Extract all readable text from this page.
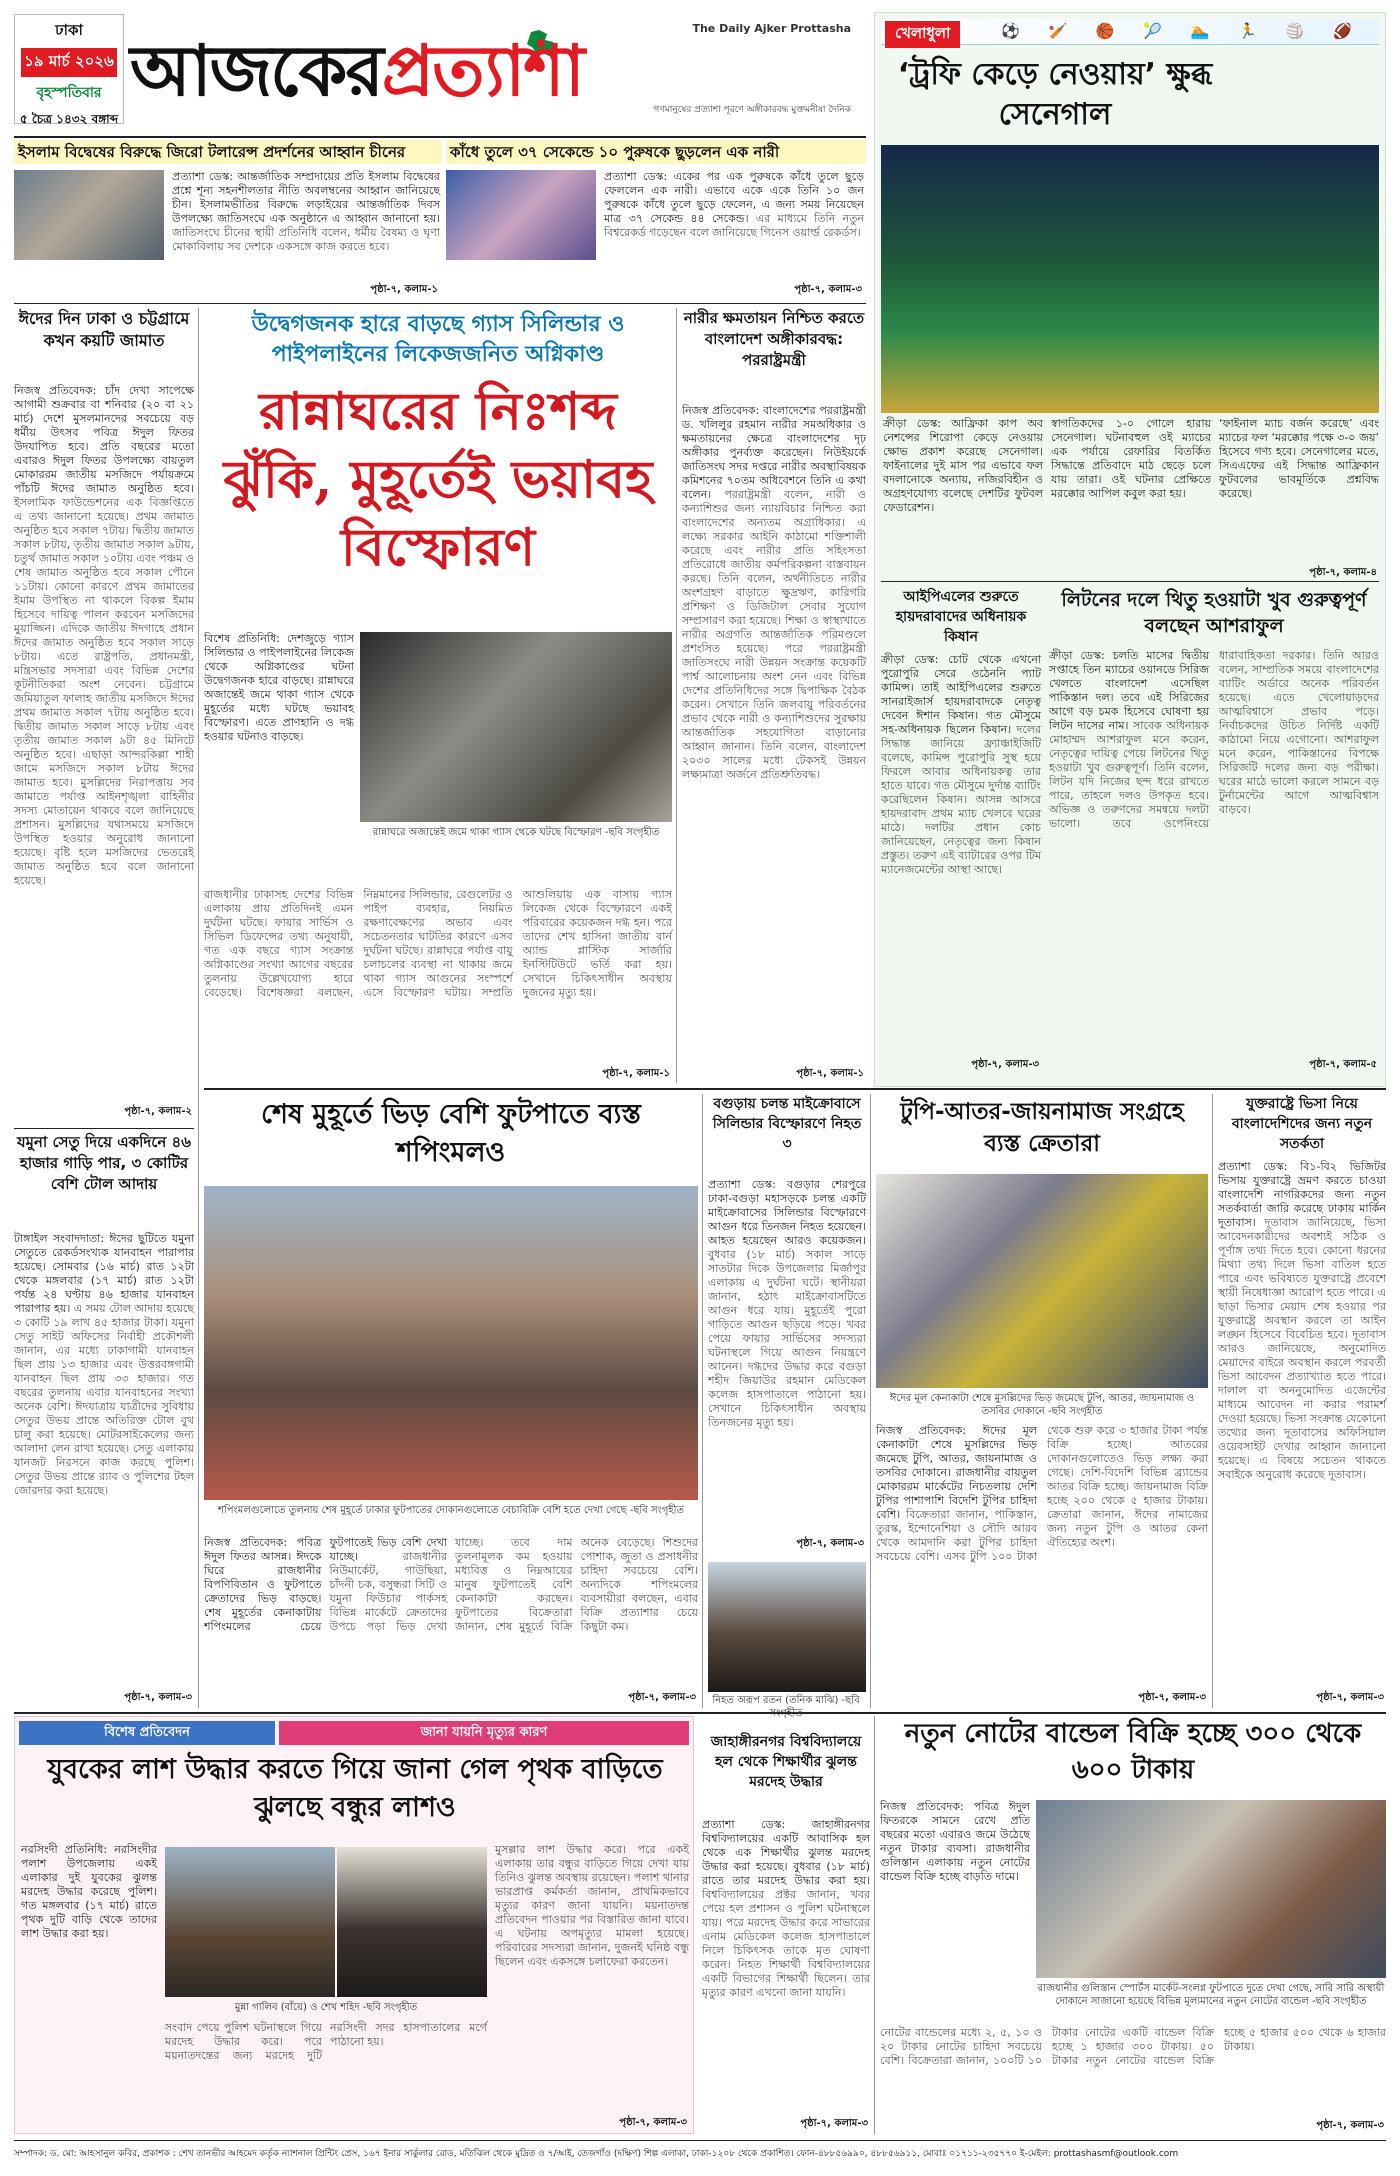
ঢাকা
১৯ মার্চ ২০২৬
বৃহস্পতিবার
৫ চৈত্র ১৪৩২ বঙ্গাব্দ
The Daily Ajker Prottasha
আজকেরপ্রত্যাশা	গণমানুষের প্রত্যাশা পূরণে অঙ্গীকারবদ্ধ মুক্তমনীষা দৈনিক
ইসলাম বিদ্বেষের বিরুদ্ধে জিরো টলারেন্স প্রদর্শনের আহ্বান চীনের
প্রত্যাশা ডেস্ক: আন্তর্জাতিক সম্প্রদায়ের প্রতি ইসলাম বিদ্বেষের প্রশ্নে শূন্য সহনশীলতার নীতি অবলম্বনের আহ্বান জানিয়েছে চীন। ইসলামভীতির বিরুদ্ধে লড়াইয়ের আন্তর্জাতিক দিবস উপলক্ষ্যে জাতিসংঘে এক অনুষ্ঠানে এ আহ্বান জানানো হয়। জাতিসংঘে চীনের স্থায়ী প্রতিনিধি বলেন, ধর্মীয় বৈষম্য ও ঘৃণা মোকাবিলায় সব দেশকে একসঙ্গে কাজ করতে হবে।
পৃষ্ঠা-৭, কলাম-১
কাঁধে তুলে ৩৭ সেকেন্ডে ১০ পুরুষকে ছুড়লেন এক নারী
প্রত্যাশা ডেস্ক: একের পর এক পুরুষকে কাঁধে তুলে ছুড়ে ফেললেন এক নারী। এভাবে একে একে তিনি ১০ জন পুরুষকে কাঁধে তুলে ছুড়ে ফেলেন, এ জন্য সময় নিয়েছেন মাত্র ৩৭ সেকেন্ড ৪৪ সেকেন্ড। এর মাধ্যমে তিনি নতুন বিশ্বরেকর্ড গড়েছেন বলে জানিয়েছে গিনেস ওয়ার্ল্ড রেকর্ডস।
পৃষ্ঠা-৭, কলাম-৩
ঈদের দিন ঢাকা ও চট্টগ্রামে কখন কয়টি জামাত
নিজস্ব প্রতিবেদক: চাঁদ দেখা সাপেক্ষে আগামী শুক্রবার বা শনিবার (২০ বা ২১ মার্চ) দেশে মুসলমানদের সবচেয়ে বড় ধর্মীয় উৎসব পবিত্র ঈদুল ফিতর উদযাপিত হবে। প্রতি বছরের মতো এবারও ঈদুল ফিতর উপলক্ষ্যে বায়তুল মোকাররম জাতীয় মসজিদে পর্যায়ক্রমে পাঁচটি ঈদের জামাত অনুষ্ঠিত হবে। ইসলামিক ফাউন্ডেশনের এক বিজ্ঞপ্তিতে এ তথ্য জানানো হয়েছে। প্রথম জামাত অনুষ্ঠিত হবে সকাল ৭টায়। দ্বিতীয় জামাত সকাল ৮টায়, তৃতীয় জামাত সকাল ৯টায়, চতুর্থ জামাত সকাল ১০টায় এবং পঞ্চম ও শেষ জামাত অনুষ্ঠিত হবে সকাল পৌনে ১১টায়। কোনো কারণে প্রথম জামাতের ইমাম উপস্থিত না থাকলে বিকল্প ইমাম হিসেবে দায়িত্ব পালন করবেন মসজিদের মুয়াজ্জিন। এদিকে জাতীয় ঈদগাহে প্রধান ঈদের জামাত অনুষ্ঠিত হবে সকাল সাড়ে ৮টায়। এতে রাষ্ট্রপতি, প্রধানমন্ত্রী, মন্ত্রিসভার সদস্যরা এবং বিভিন্ন দেশের কূটনীতিকরা অংশ নেবেন। চট্টগ্রামে জমিয়াতুল ফালাহ জাতীয় মসজিদে ঈদের প্রথম জামাত সকাল ৭টায় অনুষ্ঠিত হবে। দ্বিতীয় জামাত সকাল সাড়ে ৮টায় এবং তৃতীয় জামাত সকাল ৯টা ৪৫ মিনিটে অনুষ্ঠিত হবে। এছাড়া আন্দরকিল্লা শাহী জামে মসজিদে সকাল ৮টায় ঈদের জামাত হবে। মুসল্লিদের নিরাপত্তায় সব জামাতে পর্যাপ্ত আইনশৃঙ্খলা বাহিনীর সদস্য মোতায়েন থাকবে বলে জানিয়েছে প্রশাসন। মুসল্লিদের যথাসময়ে মসজিদে উপস্থিত হওয়ার অনুরোধ জানানো হয়েছে। বৃষ্টি হলে মসজিদের ভেতরেই জামাত অনুষ্ঠিত হবে বলে জানানো হয়েছে।
পৃষ্ঠা-৭, কলাম-২
যমুনা সেতু দিয়ে একদিনে ৪৬ হাজার গাড়ি পার, ৩ কোটির বেশি টোল আদায়
টাঙ্গাইল সংবাদদাতা: ঈদের ছুটিতে যমুনা সেতুতে রেকর্ডসংখ্যক যানবাহন পারাপার হয়েছে। সোমবার (১৬ মার্চ) রাত ১২টা থেকে মঙ্গলবার (১৭ মার্চ) রাত ১২টা পর্যন্ত ২৪ ঘণ্টায় ৪৬ হাজার যানবাহন পারাপার হয়। এ সময় টোল আদায় হয়েছে ৩ কোটি ১৯ লাখ ৪৫ হাজার টাকা। যমুনা সেতু সাইট অফিসের নির্বাহী প্রকৌশলী জানান, এর মধ্যে ঢাকাগামী যানবাহন ছিল প্রায় ১৩ হাজার এবং উত্তরবঙ্গগামী যানবাহন ছিল প্রায় ৩৩ হাজার। গত বছরের তুলনায় এবার যানবাহনের সংখ্যা অনেক বেশি। ঈদযাত্রায় যাত্রীদের সুবিধায় সেতুর উভয় প্রান্তে অতিরিক্ত টোল বুথ চালু করা হয়েছে। মোটরসাইকেলের জন্য আলাদা লেন রাখা হয়েছে। সেতু এলাকায় যানজট নিরসনে কাজ করছে পুলিশ। সেতুর উভয় প্রান্তে র‍্যাব ও পুলিশের টহল জোরদার করা হয়েছে।
পৃষ্ঠা-৭, কলাম-৩
উদ্বেগজনক হারে বাড়ছে গ্যাস সিলিন্ডার ও পাইপলাইনের লিকেজজনিত অগ্নিকাণ্ড
রান্নাঘরের নিঃশব্দ ঝুঁকি, মুহূর্তেই ভয়াবহ বিস্ফোরণ
বিশেষ প্রতিনিধি: দেশজুড়ে গ্যাস সিলিন্ডার ও পাইপলাইনের লিকেজ থেকে অগ্নিকাণ্ডের ঘটনা উদ্বেগজনক হারে বাড়ছে। রান্নাঘরে অজান্তেই জমে থাকা গ্যাস থেকে মুহূর্তের মধ্যে ঘটছে ভয়াবহ বিস্ফোরণ। এতে প্রাণহানি ও দগ্ধ হওয়ার ঘটনাও বাড়ছে।
রান্নাঘরে অজান্তেই জমে থাকা গ্যাস থেকে ঘটছে বিস্ফোরণ -ছবি সংগৃহীত
রাজধানীর ঢাকাসহ দেশের বিভিন্ন এলাকায় প্রায় প্রতিদিনই এমন দুর্ঘটনা ঘটছে। ফায়ার সার্ভিস ও সিভিল ডিফেন্সের তথ্য অনুযায়ী, গত এক বছরে গ্যাস সংক্রান্ত অগ্নিকাণ্ডের সংখ্যা আগের বছরের তুলনায় উল্লেখযোগ্য হারে বেড়েছে। বিশেষজ্ঞরা বলছেন, নিম্নমানের সিলিন্ডার, রেগুলেটর ও পাইপ ব্যবহার, নিয়মিত রক্ষণাবেক্ষণের অভাব এবং সচেতনতার ঘাটতির কারণে এসব দুর্ঘটনা ঘটছে। রান্নাঘরে পর্যাপ্ত বায়ু চলাচলের ব্যবস্থা না থাকায় জমে থাকা গ্যাস আগুনের সংস্পর্শে এসে বিস্ফোরণ ঘটায়। সম্প্রতি আশুলিয়ায় এক বাসায় গ্যাস লিকেজ থেকে বিস্ফোরণে একই পরিবারের কয়েকজন দগ্ধ হন। পরে তাদের শেখ হাসিনা জাতীয় বার্ন অ্যান্ড প্লাস্টিক সার্জারি ইনস্টিটিউটে ভর্তি করা হয়। সেখানে চিকিৎসাধীন অবস্থায় দুজনের মৃত্যু হয়।
পৃষ্ঠা-৭, কলাম-১
নারীর ক্ষমতায়ন নিশ্চিত করতে বাংলাদেশ অঙ্গীকারবদ্ধ: পররাষ্ট্রমন্ত্রী
নিজস্ব প্রতিবেদক: বাংলাদেশের পররাষ্ট্রমন্ত্রী ড. খলিলুর রহমান নারীর সমঅধিকার ও ক্ষমতায়নের ক্ষেত্রে বাংলাদেশের দৃঢ় অঙ্গীকার পুনর্ব্যক্ত করেছেন। নিউইয়র্কে জাতিসংঘ সদর দপ্তরে নারীর অবস্থাবিষয়ক কমিশনের ৭০তম অধিবেশনে তিনি এ কথা বলেন। পররাষ্ট্রমন্ত্রী বলেন, নারী ও কন্যাশিশুর জন্য ন্যায়বিচার নিশ্চিত করা বাংলাদেশের অন্যতম অগ্রাধিকার। এ লক্ষ্যে সরকার আইনি কাঠামো শক্তিশালী করেছে এবং নারীর প্রতি সহিংসতা প্রতিরোধে জাতীয় কর্মপরিকল্পনা বাস্তবায়ন করছে। তিনি বলেন, অর্থনীতিতে নারীর অংশগ্রহণ বাড়াতে ক্ষুদ্রঋণ, কারিগরি প্রশিক্ষণ ও ডিজিটাল সেবার সুযোগ সম্প্রসারণ করা হয়েছে। শিক্ষা ও স্বাস্থ্যখাতে নারীর অগ্রগতি আন্তর্জাতিক পরিমণ্ডলে প্রশংসিত হয়েছে। পরে পররাষ্ট্রমন্ত্রী জাতিসংঘে নারী উন্নয়ন সংক্রান্ত কয়েকটি পার্শ্ব আলোচনায় অংশ নেন এবং বিভিন্ন দেশের প্রতিনিধিদের সঙ্গে দ্বিপাক্ষিক বৈঠক করেন। সেখানে তিনি জলবায়ু পরিবর্তনের প্রভাব থেকে নারী ও কন্যাশিশুদের সুরক্ষায় আন্তর্জাতিক সহযোগিতা বাড়ানোর আহ্বান জানান। তিনি বলেন, বাংলাদেশ ২০৩০ সালের মধ্যে টেকসই উন্নয়ন লক্ষ্যমাত্রা অর্জনে প্রতিশ্রুতিবদ্ধ।
পৃষ্ঠা-৭, কলাম-১
খেলাধুলা	⚽ 🏏 🏀 🎾 🏊 🏃 🏐 🏈
‘ট্রফি কেড়ে নেওয়ায়’ ক্ষুব্ধ সেনেগাল
ক্রীড়া ডেস্ক: আফ্রিকা কাপ অব নেশন্সের শিরোপা কেড়ে নেওয়ায় ক্ষোভ প্রকাশ করেছে সেনেগাল। ফাইনালের দুই মাস পর এভাবে ফল বদলানোকে অন্যায়, নজিরবিহীন ও অগ্রহণযোগ্য বলেছে দেশটির ফুটবল ফেডারেশন।
স্বাগতিকদের ১-০ গোলে হারায় সেনেগাল। ঘটনাবহুল ওই ম্যাচের এক পর্যায়ে রেফারির বিতর্কিত সিদ্ধান্তে প্রতিবাদে মাঠ ছেড়ে চলে যায় তারা। ওই ঘটনার প্রেক্ষিতে মরক্কোর আপিল কবুল করা হয়।
‘ফাইনাল ম্যাচ বর্জন করেছে’ এবং ম্যাচের ফল ‘মরক্কোর পক্ষে ৩-০ জয়’ হিসেবে গণ্য হবে। সেনেগালের মতে, সিএএফের এই সিদ্ধান্ত আফ্রিকান ফুটবলের ভাবমূর্তিকে প্রশ্নবিদ্ধ করেছে।
পৃষ্ঠা-৭, কলাম-৪
আইপিএলের শুরুতে হায়দরাবাদের অধিনায়ক কিষান
ক্রীড়া ডেস্ক: চোট থেকে এখনো পুরোপুরি সেরে ওঠেননি প্যাট কামিন্স। তাই আইপিএলের শুরুতে সানরাইজার্স হায়দরাবাদকে নেতৃত্ব দেবেন ঈশান কিষান। গত মৌসুমে সহ-অধিনায়ক ছিলেন কিষান। দলের সিদ্ধান্ত জানিয়ে ফ্র্যাঞ্চাইজিটি বলেছে, কামিন্স পুরোপুরি সুস্থ হয়ে ফিরলে আবার অধিনায়কত্ব তার হাতে যাবে। গত মৌসুমে দুর্দান্ত ব্যাটিং করেছিলেন কিষান। আসন্ন আসরে হায়দরাবাদ প্রথম ম্যাচ খেলবে ঘরের মাঠে। দলটির প্রধান কোচ জানিয়েছেন, নেতৃত্বের জন্য কিষান প্রস্তুত। তরুণ এই ব্যাটারের ওপর টিম ম্যানেজমেন্টের আস্থা আছে।
পৃষ্ঠা-৭, কলাম-৩
লিটনের দলে থিতু হওয়াটা খুব গুরুত্বপূর্ণ বলছেন আশরাফুল
ক্রীড়া ডেস্ক: চলতি মাসের দ্বিতীয় সপ্তাহে তিন ম্যাচের ওয়ানডে সিরিজ খেলতে বাংলাদেশ এসেছিল পাকিস্তান দল। তবে এই সিরিজের আগে বড় চমক হিসেবে ঘোষণা হয় লিটন দাসের নাম। সাবেক অধিনায়ক মোহাম্মদ আশরাফুল মনে করেন, নেতৃত্বের দায়িত্ব পেয়ে লিটনের থিতু হওয়াটা খুব গুরুত্বপূর্ণ। তিনি বলেন, লিটন যদি নিজের ছন্দ ধরে রাখতে পারে, তাহলে দলও উপকৃত হবে। অভিজ্ঞ ও তরুণদের সমন্বয়ে দলটা ভালো। তবে ওপেনিংয়ে ধারাবাহিকতা দরকার। তিনি আরও বলেন, সাম্প্রতিক সময়ে বাংলাদেশের ব্যাটিং অর্ডারে অনেক পরিবর্তন হয়েছে। এতে খেলোয়াড়দের আত্মবিশ্বাসে প্রভাব পড়ে। নির্বাচকদের উচিত নির্দিষ্ট একটি কাঠামো নিয়ে এগোনো। আশরাফুল মনে করেন, পাকিস্তানের বিপক্ষে সিরিজটি দলের জন্য বড় পরীক্ষা। ঘরের মাঠে ভালো করলে সামনে বড় টুর্নামেন্টের আগে আত্মবিশ্বাস বাড়বে।
পৃষ্ঠা-৭, কলাম-৫
শেষ মুহূর্তে ভিড় বেশি ফুটপাতে ব্যস্ত শপিংমলও
শপিংমলগুলোতে তুলনায় শেষ মুহূর্তে ঢাকার ফুটপাতের দোকানগুলোতে বেচাবিক্রি বেশি হতে দেখা গেছে -ছবি সংগৃহীত
নিজস্ব প্রতিবেদক: পবিত্র ঈদুল ফিতর আসন্ন। ঈদকে ঘিরে রাজধানীর বিপণিবিতান ও ফুটপাতে ক্রেতাদের ভিড় বাড়ছে। শেষ মুহূর্তের কেনাকাটায় শপিংমলের চেয়ে ফুটপাতেই ভিড় বেশি দেখা যাচ্ছে।	রাজধানীর নিউমার্কেট, গাউছিয়া, চাঁদনী চক, বসুন্ধরা সিটি ও যমুনা ফিউচার পার্কসহ বিভিন্ন মার্কেটে ক্রেতাদের উপচে পড়া ভিড় দেখা যাচ্ছে। তবে দাম তুলনামূলক কম হওয়ায় মধ্যবিত্ত ও নিম্নআয়ের মানুষ ফুটপাতেই বেশি কেনাকাটা করছেন। ফুটপাতের বিক্রেতারা জানান, শেষ মুহূর্তে বিক্রি অনেক বেড়েছে। শিশুদের পোশাক, জুতা ও প্রসাধনীর চাহিদা সবচেয়ে বেশি। অন্যদিকে শপিংমলের ব্যবসায়ীরা বলছেন, এবার বিক্রি প্রত্যাশার চেয়ে কিছুটা কম।
পৃষ্ঠা-৭, কলাম-৩
বগুড়ায় চলন্ত মাইক্রোবাসে সিলিন্ডার বিস্ফোরণে নিহত ৩
প্রত্যাশা ডেস্ক: বগুড়ার শেরপুরে ঢাকা-বগুড়া মহাসড়কে চলন্ত একটি মাইক্রোবাসের সিলিন্ডার বিস্ফোরণে আগুন ধরে তিনজন নিহত হয়েছেন। আহত হয়েছেন আরও কয়েকজন। বুধবার (১৮ মার্চ) সকাল সাড়ে সাতটার দিকে উপজেলার মির্জাপুর এলাকায় এ দুর্ঘটনা ঘটে। স্থানীয়রা জানান, হঠাৎ মাইক্রোবাসটিতে আগুন ধরে যায়। মুহূর্তেই পুরো গাড়িতে আগুন ছড়িয়ে পড়ে। খবর পেয়ে ফায়ার সার্ভিসের সদস্যরা ঘটনাস্থলে গিয়ে আগুন নিয়ন্ত্রণে আনেন। দগ্ধদের উদ্ধার করে বগুড়া শহীদ জিয়াউর রহমান মেডিকেল কলেজ হাসপাতালে পাঠানো হয়। সেখানে চিকিৎসাধীন অবস্থায় তিনজনের মৃত্যু হয়।
পৃষ্ঠা-৭, কলাম-৩
টুপি-আতর-জায়নামাজ সংগ্রহে ব্যস্ত ক্রেতারা
ঈদের মূল কেনাকাটা শেষে মুসল্লিদের ভিড় জমেছে টুপি, আতর, জায়নামাজ ও তসবির দোকানে -ছবি সংগৃহীত
নিজস্ব প্রতিবেদক: ঈদের মূল কেনাকাটা শেষে মুসল্লিদের ভিড় জমেছে টুপি, আতর, জায়নামাজ ও তসবির দোকানে। রাজধানীর বায়তুল মোকাররম মার্কেটের নিচতলায় দেশি টুপির পাশাপাশি বিদেশি টুপির চাহিদা বেশি। বিক্রেতারা জানান, পাকিস্তান, তুরস্ক, ইন্দোনেশিয়া ও সৌদি আরব থেকে আমদানি করা টুপির চাহিদা সবচেয়ে বেশি। এসব টুপি ১০০ টাকা থেকে শুরু করে ৩ হাজার টাকা পর্যন্ত বিক্রি হচ্ছে। আতরের দোকানগুলোতেও ভিড় লক্ষ্য করা গেছে। দেশি-বিদেশি বিভিন্ন ব্র্যান্ডের আতর বিক্রি হচ্ছে। জায়নামাজ বিক্রি হচ্ছে ২০০ থেকে ৫ হাজার টাকায়। ক্রেতারা জানান, ঈদের নামাজের জন্য নতুন টুপি ও আতর কেনা ঐতিহ্যের অংশ।
পৃষ্ঠা-৭, কলাম-৩
যুক্তরাষ্ট্রে ভিসা নিয়ে বাংলাদেশিদের জন্য নতুন সতর্কতা
প্রত্যাশা ডেস্ক: বি১-বি২ ভিজিটর ভিসায় যুক্তরাষ্ট্রে ভ্রমণ করতে চাওয়া বাংলাদেশি নাগরিকদের জন্য নতুন সতর্কবার্তা জারি করেছে ঢাকায় মার্কিন দূতাবাস। দূতাবাস জানিয়েছে, ভিসা আবেদনকারীদের অবশ্যই সঠিক ও পূর্ণাঙ্গ তথ্য দিতে হবে। কোনো ধরনের মিথ্যা তথ্য দিলে ভিসা বাতিল হতে পারে এবং ভবিষ্যতে যুক্তরাষ্ট্রে প্রবেশে স্থায়ী নিষেধাজ্ঞা আরোপ হতে পারে। এ ছাড়া ভিসার মেয়াদ শেষ হওয়ার পর যুক্তরাষ্ট্রে অবস্থান করলে তা আইন লঙ্ঘন হিসেবে বিবেচিত হবে। দূতাবাস আরও জানিয়েছে, অনুমোদিত মেয়াদের বাইরে অবস্থান করলে পরবর্তী ভিসা আবেদন প্রত্যাখ্যাত হতে পারে। দালাল বা অননুমোদিত এজেন্টের মাধ্যমে আবেদন না করার পরামর্শ দেওয়া হয়েছে। ভিসা সংক্রান্ত যেকোনো তথ্যের জন্য দূতাবাসের অফিসিয়াল ওয়েবসাইট দেখার আহ্বান জানানো হয়েছে। এ বিষয়ে সচেতন থাকতে সবাইকে অনুরোধ করেছে দূতাবাস।
পৃষ্ঠা-৭, কলাম-৩
বিশেষ প্রতিবেদন	জানা যায়নি মৃত্যুর কারণ
যুবকের লাশ উদ্ধার করতে গিয়ে জানা গেল পৃথক বাড়িতে ঝুলছে বন্ধুর লাশও
নরসিংদী প্রতিনিধি: নরসিংদীর পলাশ উপজেলায় একই এলাকার দুই যুবকের ঝুলন্ত মরদেহ উদ্ধার করেছে পুলিশ। গত মঙ্গলবার (১৭ মার্চ) রাতে পৃথক দুটি বাড়ি থেকে তাদের লাশ উদ্ধার করা হয়।
মুন্না গালিব (বাঁয়ে) ও শেখ শহিদ -ছবি সংগৃহীত
সংবাদ পেয়ে পুলিশ ঘটনাস্থলে গিয়ে মরদেহ উদ্ধার করে। পরে ময়নাতদন্তের জন্য মরদেহ দুটি নরসিংদী সদর হাসপাতালের মর্গে পাঠানো হয়।
মুসল্লার লাশ উদ্ধার করে। পরে একই এলাকায় তার বন্ধুর বাড়িতে গিয়ে দেখা যায় তিনিও ঝুলন্ত অবস্থায় রয়েছেন। পলাশ থানার ভারপ্রাপ্ত কর্মকর্তা জানান, প্রাথমিকভাবে মৃত্যুর কারণ জানা যায়নি। ময়নাতদন্ত প্রতিবেদন পাওয়ার পর বিস্তারিত জানা যাবে। এ ঘটনায় অপমৃত্যুর মামলা হয়েছে। পরিবারের সদস্যরা জানান, দুজনই ঘনিষ্ঠ বন্ধু ছিলেন এবং একসঙ্গে চলাফেরা করতেন।
পৃষ্ঠা-৭, কলাম-৩
নিহত অরূপ রতন (তনিক মাঝি) -ছবি সংগৃহীত
জাহাঙ্গীরনগর বিশ্ববিদ্যালয়ে হল থেকে শিক্ষার্থীর ঝুলন্ত মরদেহ উদ্ধার
প্রত্যাশা ডেস্ক: জাহাঙ্গীরনগর বিশ্ববিদ্যালয়ের একটি আবাসিক হল থেকে এক শিক্ষার্থীর ঝুলন্ত মরদেহ উদ্ধার করা হয়েছে। বুধবার (১৮ মার্চ) রাতে তার মরদেহ উদ্ধার করা হয়। বিশ্ববিদ্যালয়ের প্রক্টর জানান, খবর পেয়ে হল প্রশাসন ও পুলিশ ঘটনাস্থলে যায়। পরে মরদেহ উদ্ধার করে সাভারের এনাম মেডিকেল কলেজ হাসপাতালে নিলে চিকিৎসক তাকে মৃত ঘোষণা করেন। নিহত শিক্ষার্থী বিশ্ববিদ্যালয়ের একটি বিভাগের শিক্ষার্থী ছিলেন। তার মৃত্যুর কারণ এখনো জানা যায়নি।
পৃষ্ঠা-৭, কলাম-৩
নতুন নোটের বান্ডেল বিক্রি হচ্ছে ৩০০ থেকে ৬০০ টাকায়
নিজস্ব প্রতিবেদক: পবিত্র ঈদুল ফিতরকে সামনে রেখে প্রতি বছরের মতো এবারও জমে উঠেছে নতুন টাকার ব্যবসা। রাজধানীর গুলিস্তান এলাকায় নতুন নোটের বান্ডেল বিক্রি হচ্ছে বাড়তি দামে।
রাজধানীর গুলিস্তান স্পোর্টস মার্কেট-সংলগ্ন ফুটপাতে দুতে দেখা গেছে, সারি সারি অস্থায়ী দোকানে সাজানো হয়েছে বিভিন্ন মূল্যমানের নতুন নোটের বান্ডেল -ছবি সংগৃহীত
নোটের বান্ডেলের মধ্যে ২, ৫, ১০ ও ২০ টাকার নোটের চাহিদা সবচেয়ে বেশি। বিক্রেতারা জানান, ১০০টি ১০ টাকার নোটের একটি বান্ডেল বিক্রি হচ্ছে ১ হাজার ৩০০ টাকায়। ৫০ টাকার নতুন নোটের বান্ডেল বিক্রি হচ্ছে ৫ হাজার ৫০০ থেকে ৬ হাজার টাকায়।
পৃষ্ঠা-৭, কলাম-৩
সম্পাদক: ড. মো: আহসানুল কবির, প্রকাশক : শেখ তানভীর আহমেদ কর্তৃক ন্যাশনাল প্রিন্টিং প্রেস, ১৬৭ ইনার সার্কুলার রোড, মতিঝিল থেকে মুদ্রিত ও ৭/আই, তেজগাঁও (দক্ষিণ) শিল্প এলাকা, ঢাকা-১২০৮ থেকে প্রকাশিত। ফোন-৪৮৮৫৬৯৯০, ৪৮৮৫৬৯১১, মোবাঃ ০১৭১১-২৩৫৭৭০ ই-মেইল: prottashasmf@outlook.com
